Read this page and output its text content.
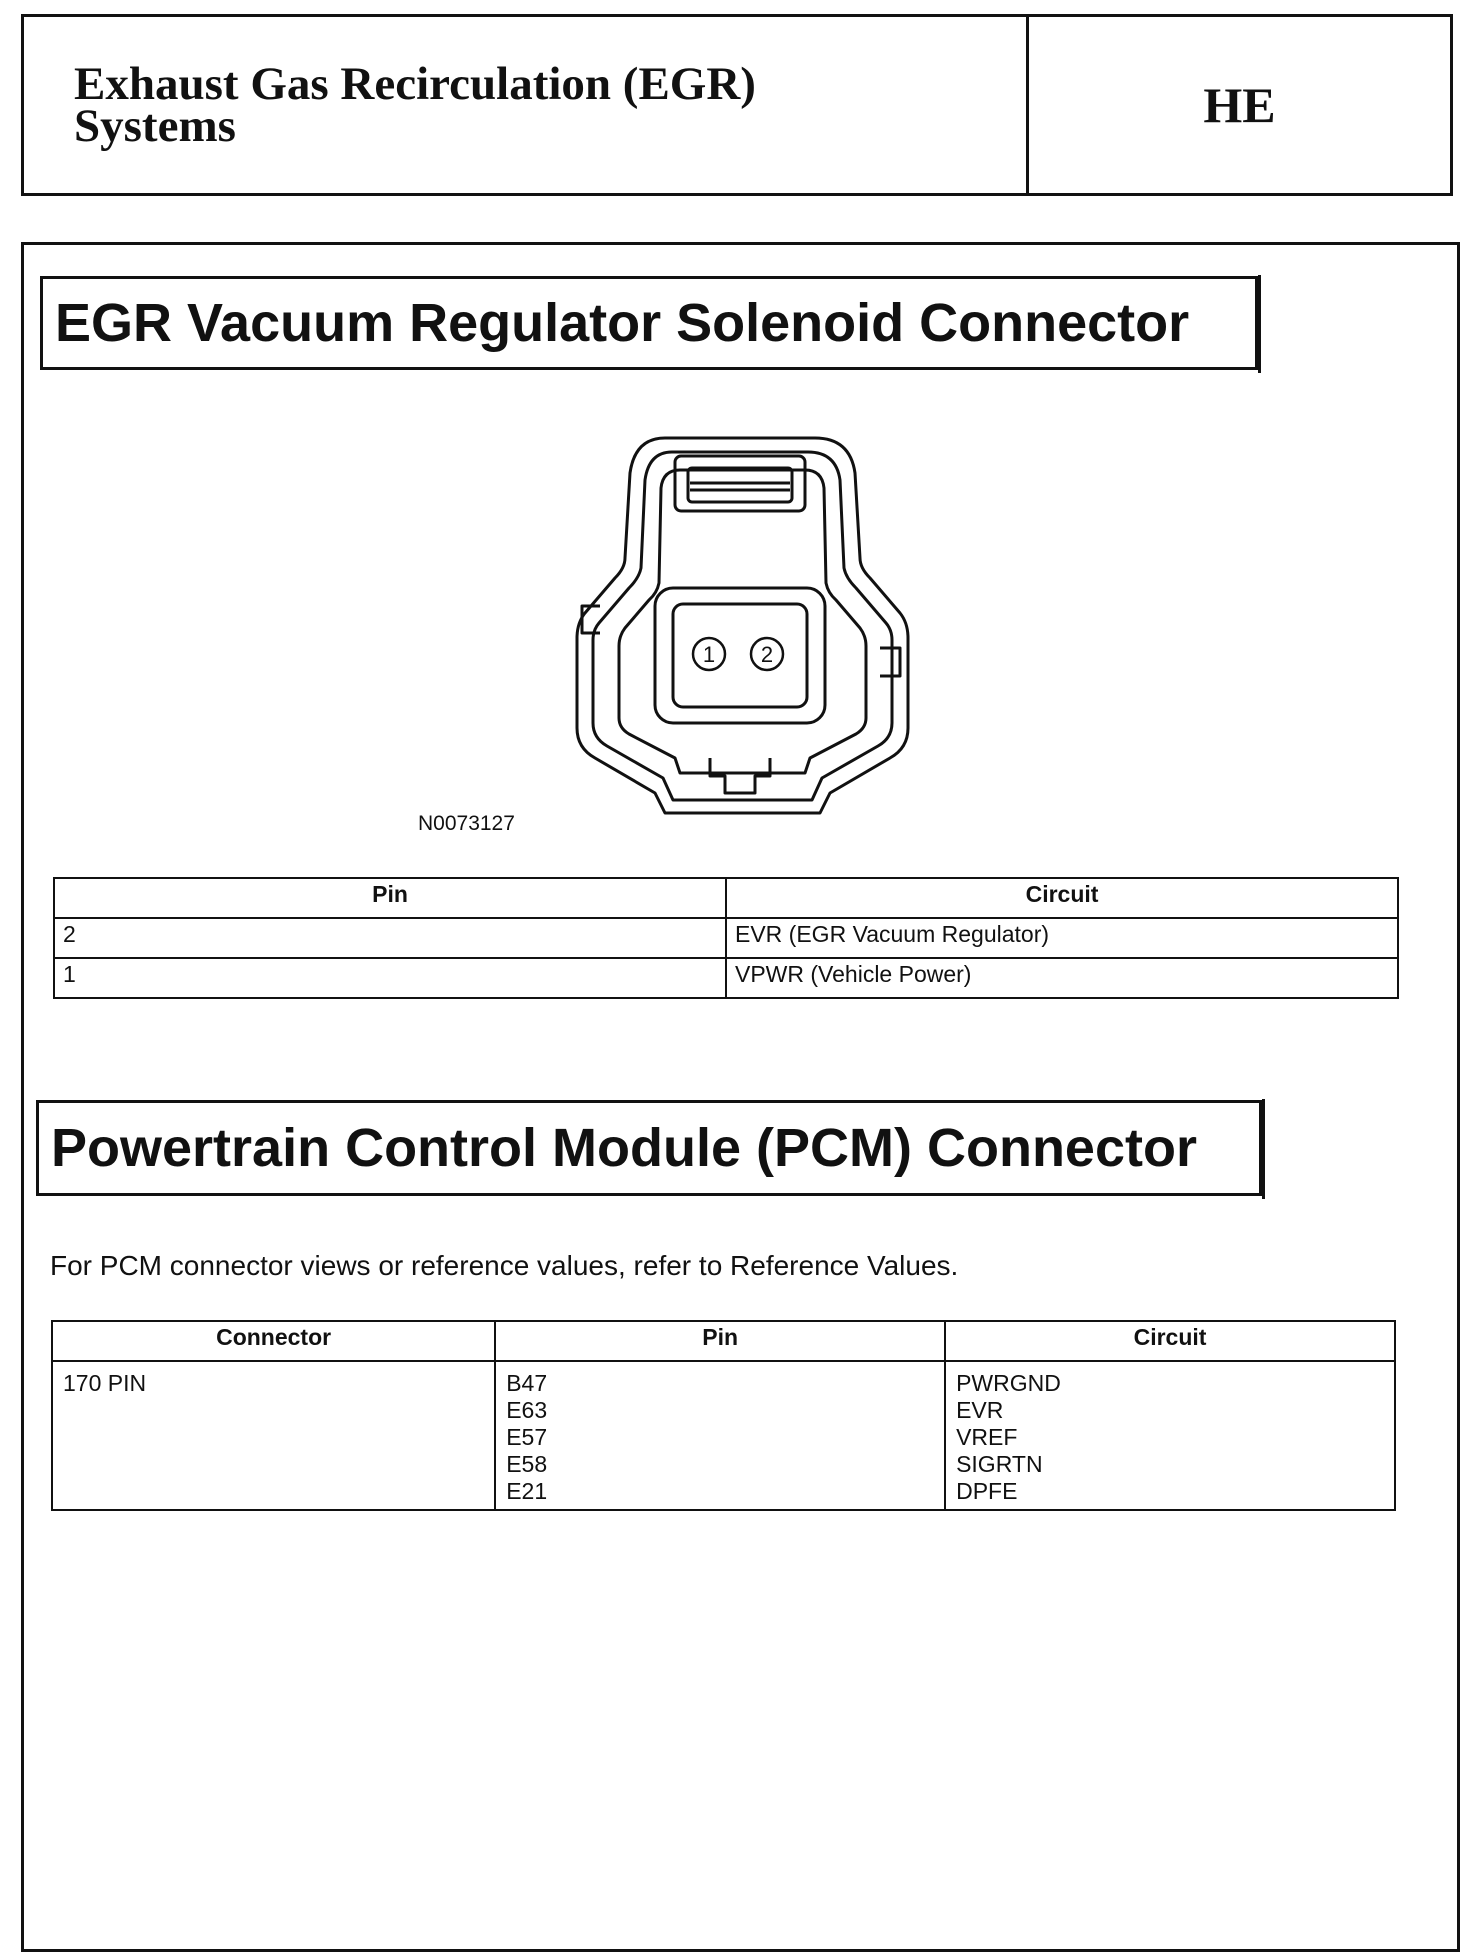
Exhaust Gas Recirculation (EGR)
Systems	HE
EGR Vacuum Regulator Solenoid Connector
1 2
N0073127
Pin	Circuit
2	EVR (EGR Vacuum Regulator)
1	VPWR (Vehicle Power)
Powertrain Control Module (PCM) Connector
For PCM connector views or reference values, refer to Reference Values.
Connector	Pin	Circuit
170 PIN	B47
E63
E57
E58
E21	PWRGND
EVR
VREF
SIGRTN
DPFE
